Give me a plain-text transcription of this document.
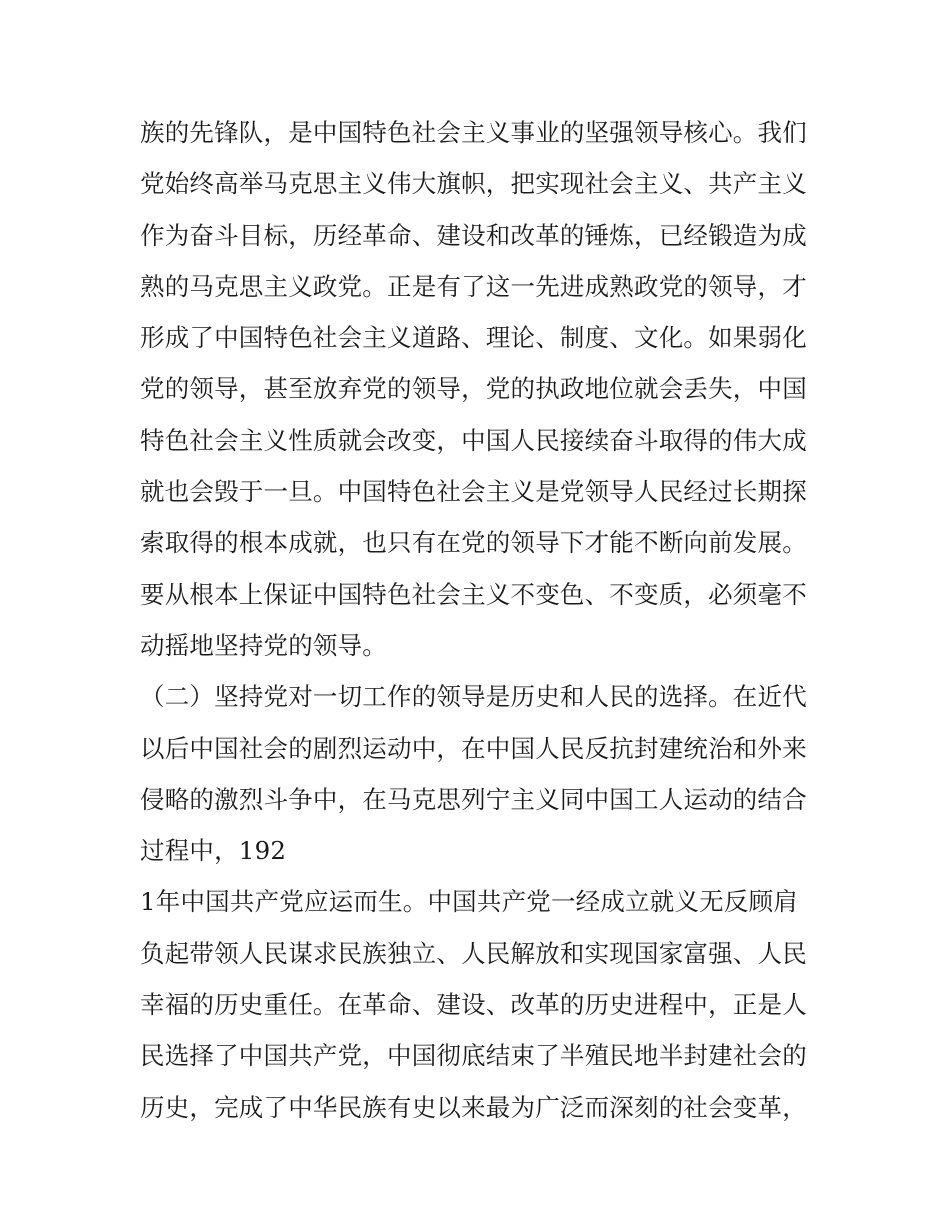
族的先锋队，是中国特色社会主义事业的坚强领导核心。我们
党始终高举马克思主义伟大旗帜，把实现社会主义、共产主义
作为奋斗目标，历经革命、建设和改革的锤炼，已经锻造为成
熟的马克思主义政党。正是有了这一先进成熟政党的领导，才
形成了中国特色社会主义道路、理论、制度、文化。如果弱化
党的领导，甚至放弃党的领导，党的执政地位就会丢失，中国
特色社会主义性质就会改变，中国人民接续奋斗取得的伟大成
就也会毁于一旦。中国特色社会主义是党领导人民经过长期探
索取得的根本成就，也只有在党的领导下才能不断向前发展。
要从根本上保证中国特色社会主义不变色、不变质，必须毫不
动摇地坚持党的领导。
（二）坚持党对一切工作的领导是历史和人民的选择。在近代
以后中国社会的剧烈运动中，在中国人民反抗封建统治和外来
侵略的激烈斗争中，在马克思列宁主义同中国工人运动的结合
过程中，192
1年中国共产党应运而生。中国共产党一经成立就义无反顾肩
负起带领人民谋求民族独立、人民解放和实现国家富强、人民
幸福的历史重任。在革命、建设、改革的历史进程中，正是人
民选择了中国共产党，中国彻底结束了半殖民地半封建社会的
历史，完成了中华民族有史以来最为广泛而深刻的社会变革，
